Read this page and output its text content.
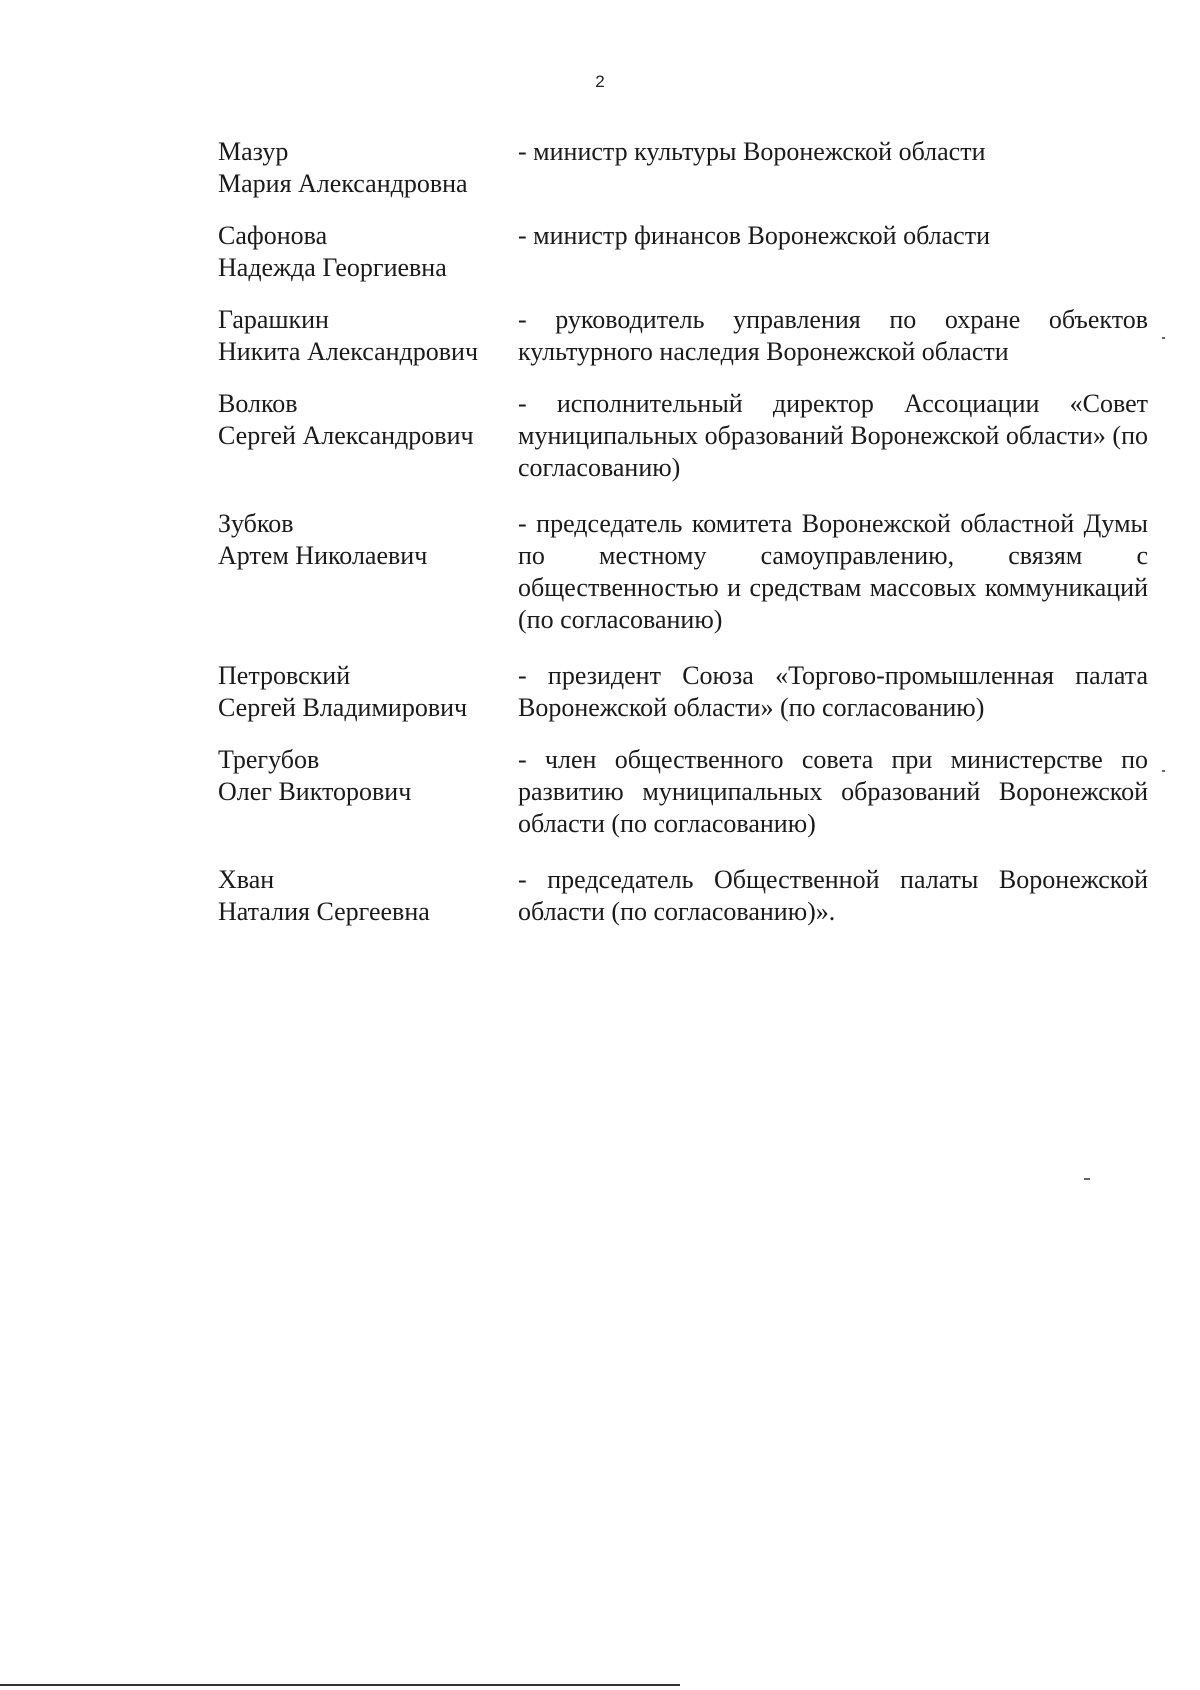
2
Мазур
Мария Александровна
- министр культуры Воронежской области
Сафонова
Надежда Георгиевна
- министр финансов Воронежской области
Гарашкин
Никита Александрович
- руководитель управления по охране объектов культурного наследия Воронежской области
Волков
Сергей Александрович
- исполнительный директор Ассоциации «Совет муниципальных образований Воронежской области» (по согласованию)
Зубков
Артем Николаевич
- председатель комитета Воронежской областной Думы по местному самоуправлению, связям с общественностью и средствам массовых коммуникаций (по согласованию)
Петровский
Сергей Владимирович
- президент Союза «Торгово-промышленная палата Воронежской области» (по согласованию)
Трегубов
Олег Викторович
- член общественного совета при министерстве по развитию муниципальных образований Воронежской области (по согласованию)
Хван
Наталия Сергеевна
- председатель Общественной палаты Воронежской области (по согласованию)».
